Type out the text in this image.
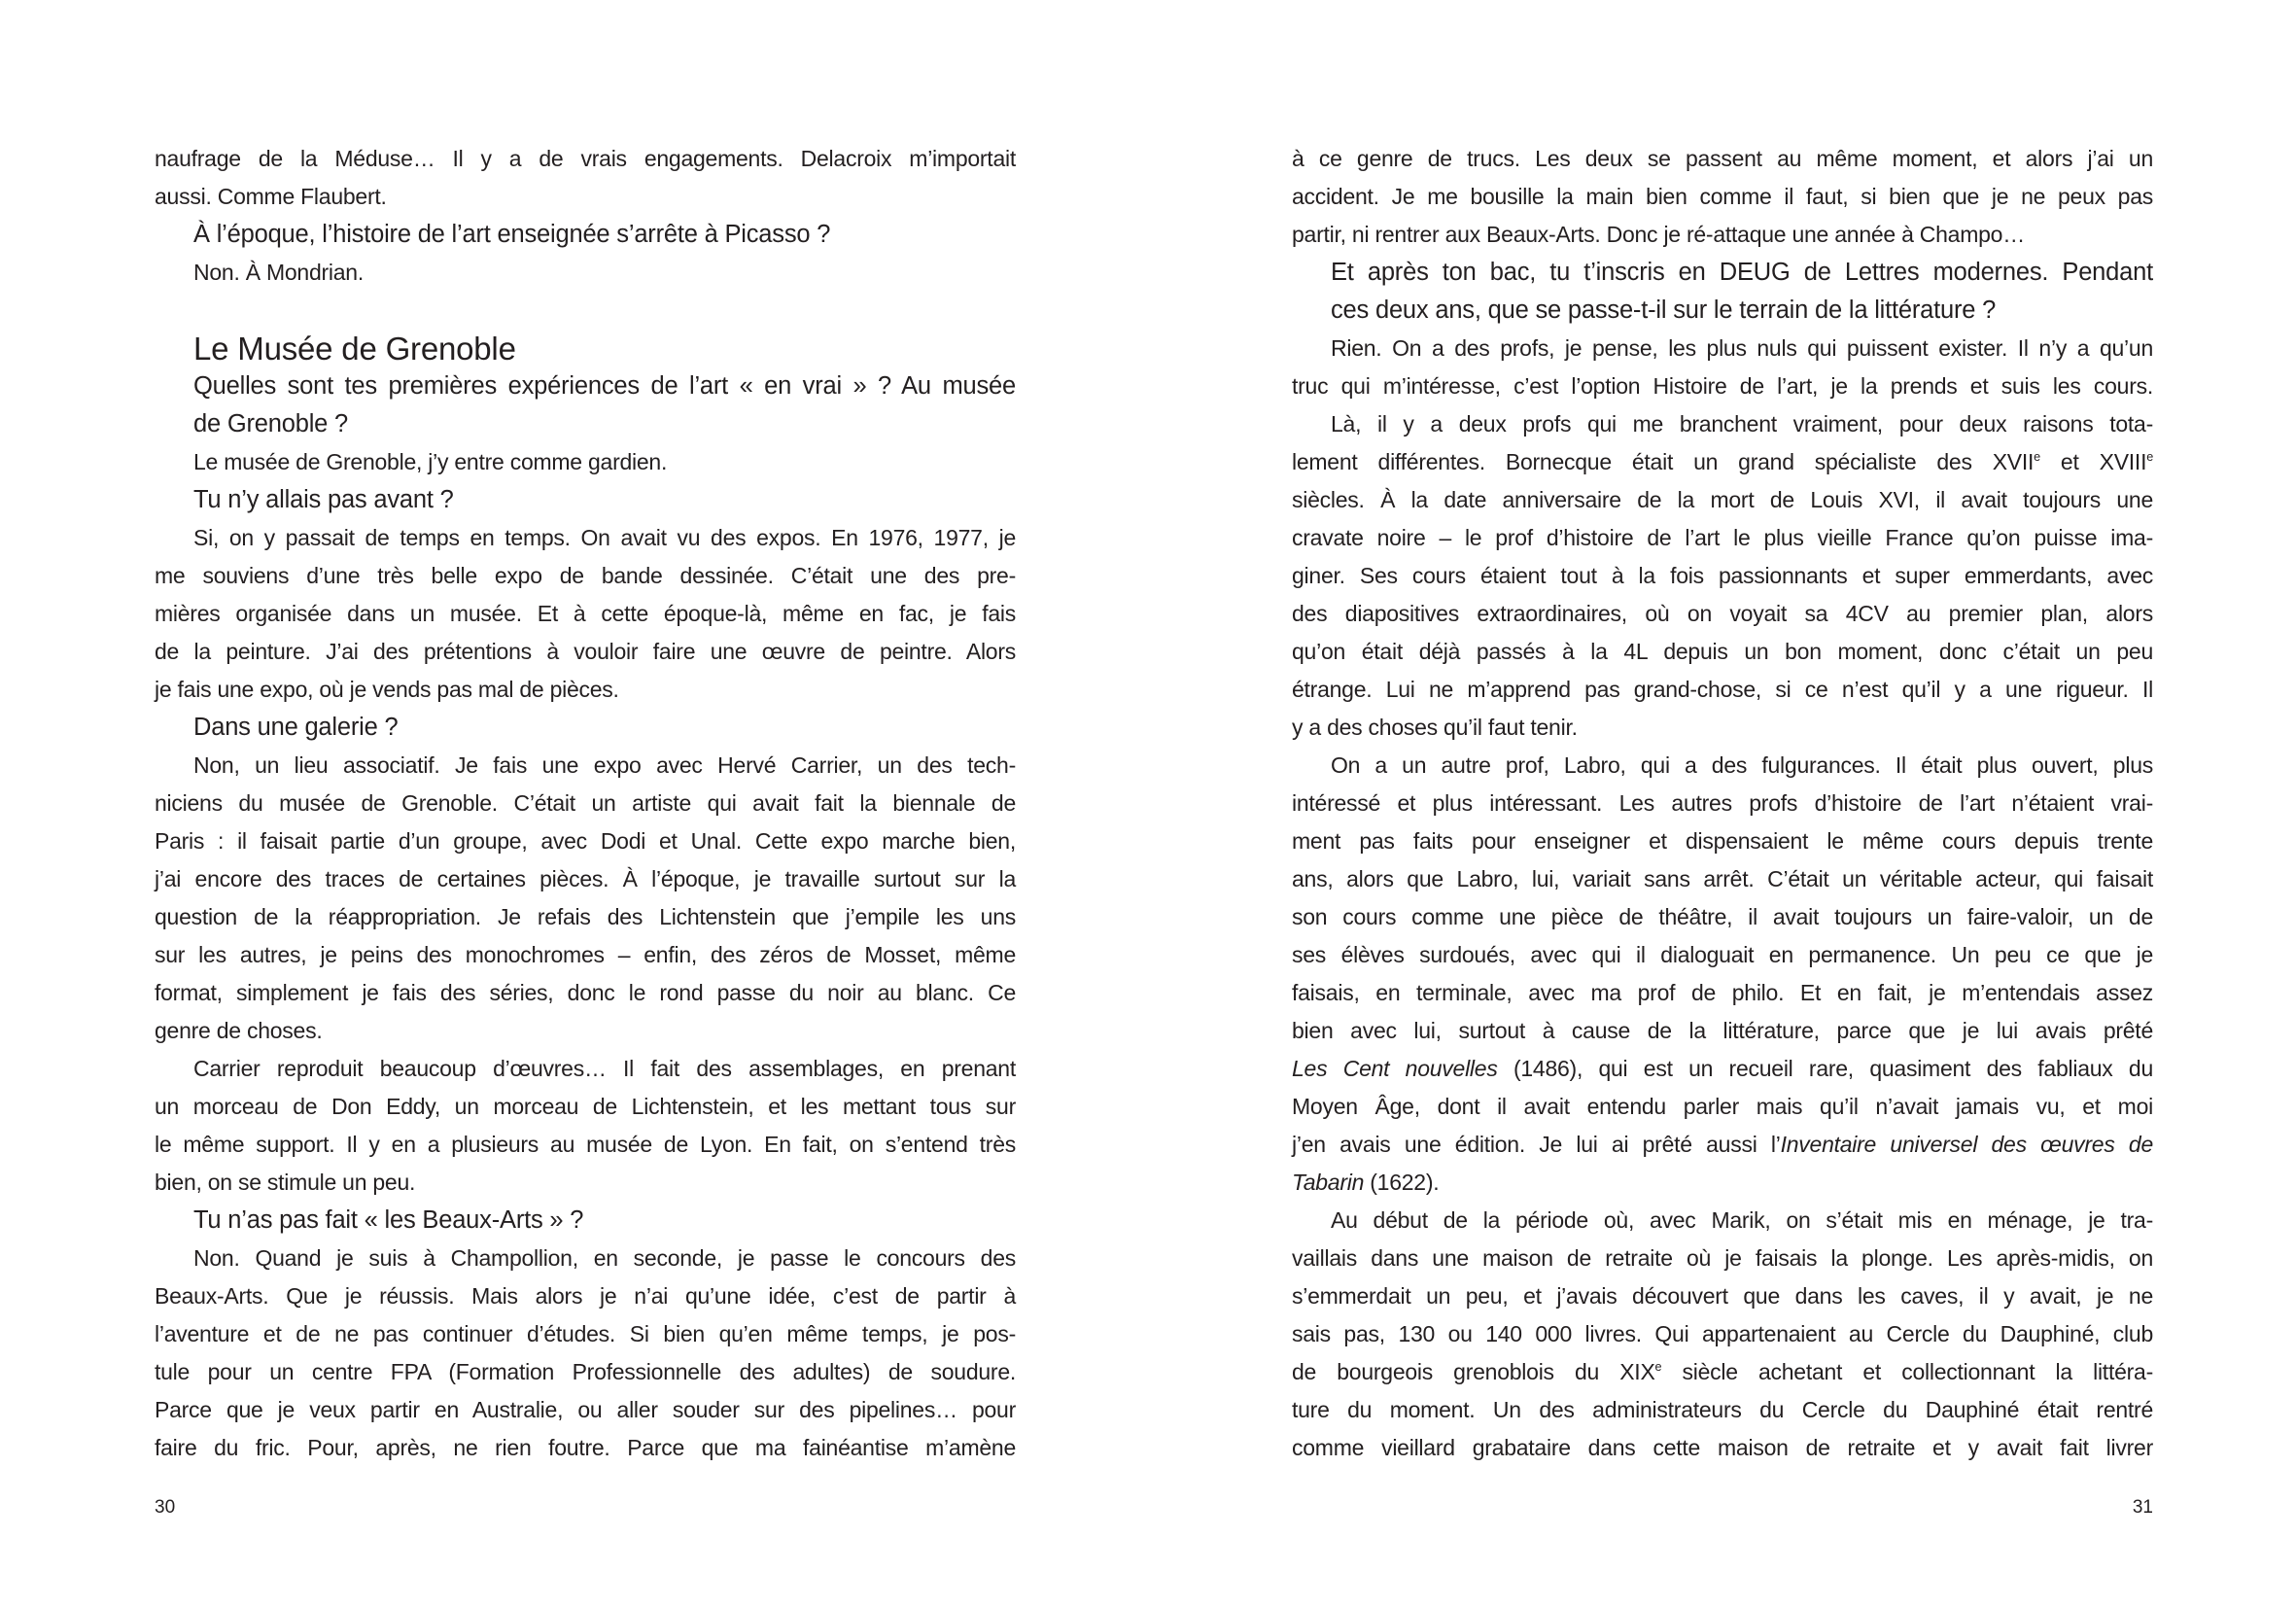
naufrage de la Méduse… Il y a de vrais engagements. Delacroix m’importait
aussi. Comme Flaubert.
À l’époque, l’histoire de l’art enseignée s’arrête à Picasso ?
Non. À Mondrian.
Le Musée de Grenoble
Quelles sont tes premières expériences de l’art « en vrai » ? Au musée
de Grenoble ?
Le musée de Grenoble, j’y entre comme gardien.
Tu n’y allais pas avant ?
Si, on y passait de temps en temps. On avait vu des expos. En 1976, 1977, je
me souviens d’une très belle expo de bande dessinée. C’était une des pre-
mières organisée dans un musée. Et à cette époque-là, même en fac, je fais
de la peinture. J’ai des prétentions à vouloir faire une œuvre de peintre. Alors
je fais une expo, où je vends pas mal de pièces.
Dans une galerie ?
Non, un lieu associatif. Je fais une expo avec Hervé Carrier, un des tech-
niciens du musée de Grenoble. C’était un artiste qui avait fait la biennale de
Paris : il faisait partie d’un groupe, avec Dodi et Unal. Cette expo marche bien,
j’ai encore des traces de certaines pièces. À l’époque, je travaille surtout sur la
question de la réappropriation. Je refais des Lichtenstein que j’empile les uns
sur les autres, je peins des monochromes – enfin, des zéros de Mosset, même
format, simplement je fais des séries, donc le rond passe du noir au blanc. Ce
genre de choses.
Carrier reproduit beaucoup d’œuvres… Il fait des assemblages, en prenant
un morceau de Don Eddy, un morceau de Lichtenstein, et les mettant tous sur
le même support. Il y en a plusieurs au musée de Lyon. En fait, on s’entend très
bien, on se stimule un peu.
Tu n’as pas fait « les Beaux-Arts » ?
Non. Quand je suis à Champollion, en seconde, je passe le concours des
Beaux-Arts. Que je réussis. Mais alors je n’ai qu’une idée, c’est de partir à
l’aventure et de ne pas continuer d’études. Si bien qu’en même temps, je pos-
tule pour un centre FPA (Formation Professionnelle des adultes) de soudure.
Parce que je veux partir en Australie, ou aller souder sur des pipelines… pour
faire du fric. Pour, après, ne rien foutre. Parce que ma fainéantise m’amène
à ce genre de trucs. Les deux se passent au même moment, et alors j’ai un
accident. Je me bousille la main bien comme il faut, si bien que je ne peux pas
partir, ni rentrer aux Beaux-Arts. Donc je ré-attaque une année à Champo…
Et après ton bac, tu t’inscris en DEUG de Lettres modernes. Pendant
ces deux ans, que se passe-t-il sur le terrain de la littérature ?
Rien. On a des profs, je pense, les plus nuls qui puissent exister. Il n’y a qu’un
truc qui m’intéresse, c’est l’option Histoire de l’art, je la prends et suis les cours.
Là, il y a deux profs qui me branchent vraiment, pour deux raisons tota-
lement différentes. Bornecque était un grand spécialiste des XVIIe et XVIIIe
siècles. À la date anniversaire de la mort de Louis XVI, il avait toujours une
cravate noire – le prof d’histoire de l’art le plus vieille France qu’on puisse ima-
giner. Ses cours étaient tout à la fois passionnants et super emmerdants, avec
des diapositives extraordinaires, où on voyait sa 4CV au premier plan, alors
qu’on était déjà passés à la 4L depuis un bon moment, donc c’était un peu
étrange. Lui ne m’apprend pas grand-chose, si ce n’est qu’il y a une rigueur. Il
y a des choses qu’il faut tenir.
On a un autre prof, Labro, qui a des fulgurances. Il était plus ouvert, plus
intéressé et plus intéressant. Les autres profs d’histoire de l’art n’étaient vrai-
ment pas faits pour enseigner et dispensaient le même cours depuis trente
ans, alors que Labro, lui, variait sans arrêt. C’était un véritable acteur, qui faisait
son cours comme une pièce de théâtre, il avait toujours un faire-valoir, un de
ses élèves surdoués, avec qui il dialoguait en permanence. Un peu ce que je
faisais, en terminale, avec ma prof de philo. Et en fait, je m’entendais assez
bien avec lui, surtout à cause de la littérature, parce que je lui avais prêté
Les Cent nouvelles (1486), qui est un recueil rare, quasiment des fabliaux du
Moyen Âge, dont il avait entendu parler mais qu’il n’avait jamais vu, et moi
j’en avais une édition. Je lui ai prêté aussi l’Inventaire universel des œuvres de
Tabarin (1622).
Au début de la période où, avec Marik, on s’était mis en ménage, je tra-
vaillais dans une maison de retraite où je faisais la plonge. Les après-midis, on
s’emmerdait un peu, et j’avais découvert que dans les caves, il y avait, je ne
sais pas, 130 ou 140 000 livres. Qui appartenaient au Cercle du Dauphiné, club
de bourgeois grenoblois du XIXe siècle achetant et collectionnant la littéra-
ture du moment. Un des administrateurs du Cercle du Dauphiné était rentré
comme vieillard grabataire dans cette maison de retraite et y avait fait livrer
30	31
